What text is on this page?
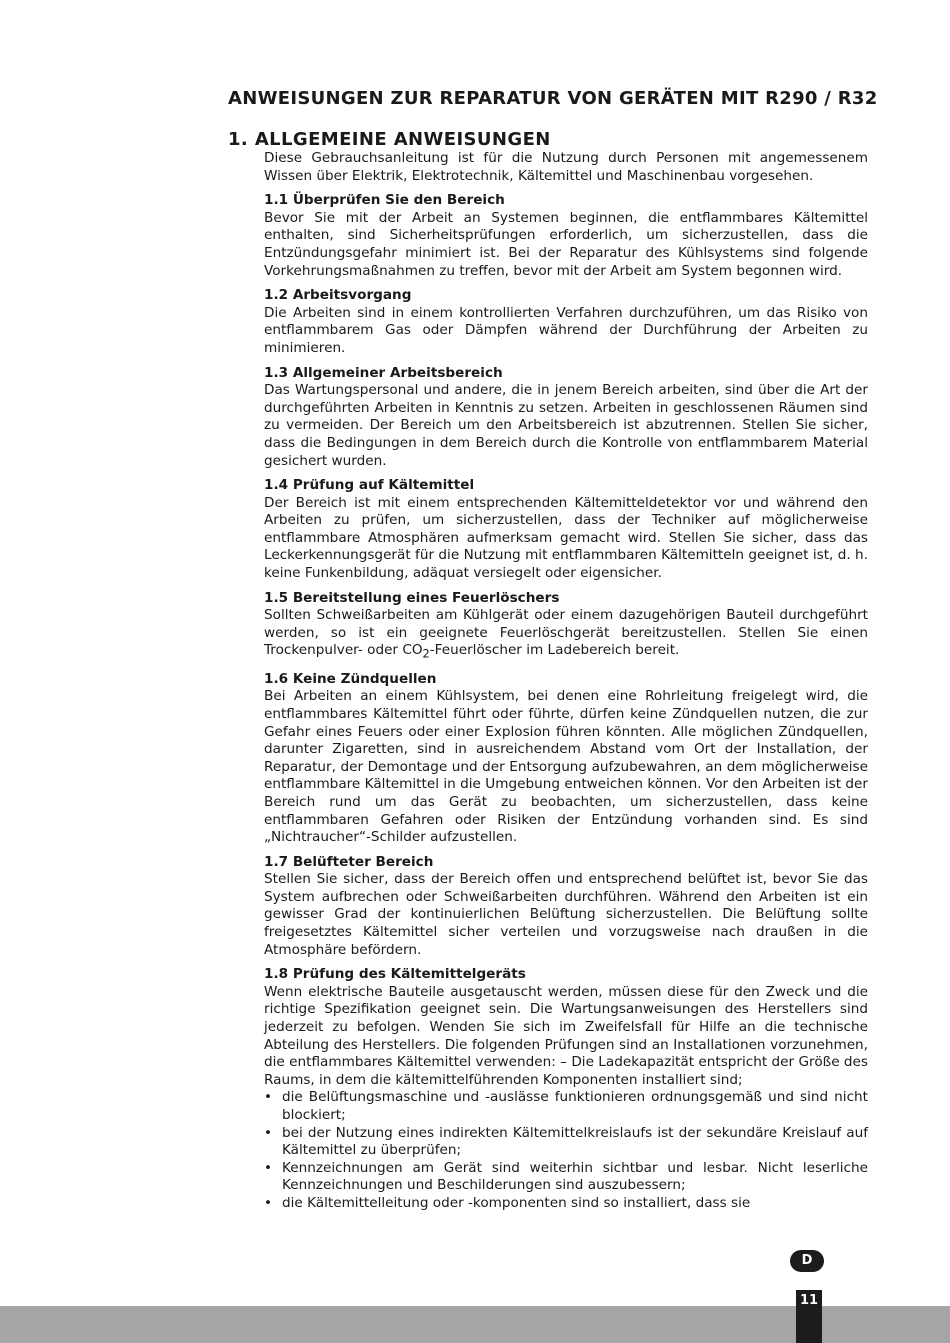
ANWEISUNGEN ZUR REPARATUR VON GERÄTEN MIT R290 / R32
1. ALLGEMEINE ANWEISUNGEN

Diese Gebrauchsanleitung ist für die Nutzung durch Personen mit angemessenem Wissen über Elektrik, Elektrotechnik, Kältemittel und Maschinenbau vorgesehen.

1.1 Überprüfen Sie den Bereich

Bevor Sie mit der Arbeit an Systemen beginnen, die entflammbares Kältemittel enthalten, sind Sicherheitsprüfungen erforderlich, um sicherzustellen, dass die Entzündungsgefahr minimiert ist. Bei der Reparatur des Kühlsystems sind folgende Vorkehrungsmaßnahmen zu treffen, bevor mit der Arbeit am System begonnen wird.

1.2 Arbeitsvorgang

Die Arbeiten sind in einem kontrollierten Verfahren durchzuführen, um das Risiko von entflammbarem Gas oder Dämpfen während der Durchführung der Arbeiten zu minimieren.

1.3 Allgemeiner Arbeitsbereich

Das Wartungspersonal und andere, die in jenem Bereich arbeiten, sind über die Art der durchgeführten Arbeiten in Kenntnis zu setzen. Arbeiten in geschlossenen Räumen sind zu vermeiden. Der Bereich um den Arbeitsbereich ist abzutrennen. Stellen Sie sicher, dass die Bedingungen in dem Bereich durch die Kontrolle von entflammbarem Material gesichert wurden.

1.4 Prüfung auf Kältemittel

Der Bereich ist mit einem entsprechenden Kältemitteldetektor vor und während den Arbeiten zu prüfen, um sicherzustellen, dass der Techniker auf möglicherweise entflammbare Atmosphären aufmerksam gemacht wird. Stellen Sie sicher, dass das Leckerkennungsgerät für die Nutzung mit entflammbaren Kältemitteln geeignet ist, d. h. keine Funkenbildung, adäquat versiegelt oder eigensicher.

1.5 Bereitstellung eines Feuerlöschers

Sollten Schweißarbeiten am Kühlgerät oder einem dazugehörigen Bauteil durchgeführt werden, so ist ein geeignete Feuerlöschgerät bereitzustellen. Stellen Sie einen Trockenpulver- oder $CO_2$-Feuerlöscher im Ladebereich bereit.

1.6 Keine Zündquellen

Bei Arbeiten an einem Kühlsystem, bei denen eine Rohrleitung freigelegt wird, die entflammbares Kältemittel führt oder führte, dürfen keine Zündquellen nutzen, die zur Gefahr eines Feuers oder einer Explosion führen könnten. Alle möglichen Zündquellen, darunter Zigaretten, sind in ausreichendem Abstand vom Ort der Installation, der Reparatur, der Demontage und der Entsorgung aufzubewahren, an dem möglicherweise entflammbare Kältemittel in die Umgebung entweichen können. Vor den Arbeiten ist der Bereich rund um das Gerät zu beobachten, um sicherzustellen, dass keine entflammbaren Gefahren oder Risiken der Entzündung vorhanden sind. Es sind „Nichtraucher“-Schilder aufzustellen.

1.7 Belüfteter Bereich

Stellen Sie sicher, dass der Bereich offen und entsprechend belüftet ist, bevor Sie das System aufbrechen oder Schweißarbeiten durchführen. Während den Arbeiten ist ein gewisser Grad der kontinuierlichen Belüftung sicherzustellen. Die Belüftung sollte freigesetztes Kältemittel sicher verteilen und vorzugsweise nach draußen in die Atmosphäre befördern.

1.8 Prüfung des Kältemittelgeräts

Wenn elektrische Bauteile ausgetauscht werden, müssen diese für den Zweck und die richtige Spezifikation geeignet sein. Die Wartungsanweisungen des Herstellers sind jederzeit zu befolgen. Wenden Sie sich im Zweifelsfall für Hilfe an die technische Abteilung des Herstellers. Die folgenden Prüfungen sind an Installationen vorzunehmen, die entflammbares Kältemittel verwenden: – Die Ladekapazität entspricht der Größe des Raums, in dem die kältemittelführenden Komponenten installiert sind;

• die Belüftungsmaschine und -auslässe funktionieren ordnungsgemäß und sind nicht blockiert;
• bei der Nutzung eines indirekten Kältemittelkreislaufs ist der sekundäre Kreislauf auf Kältemittel zu überprüfen;
• Kennzeichnungen am Gerät sind weiterhin sichtbar und lesbar. Nicht leserliche Kennzeichnungen und Beschilderungen sind auszubessern;
• die Kältemittelleitung oder -komponenten sind so installiert, dass sie
D
11
